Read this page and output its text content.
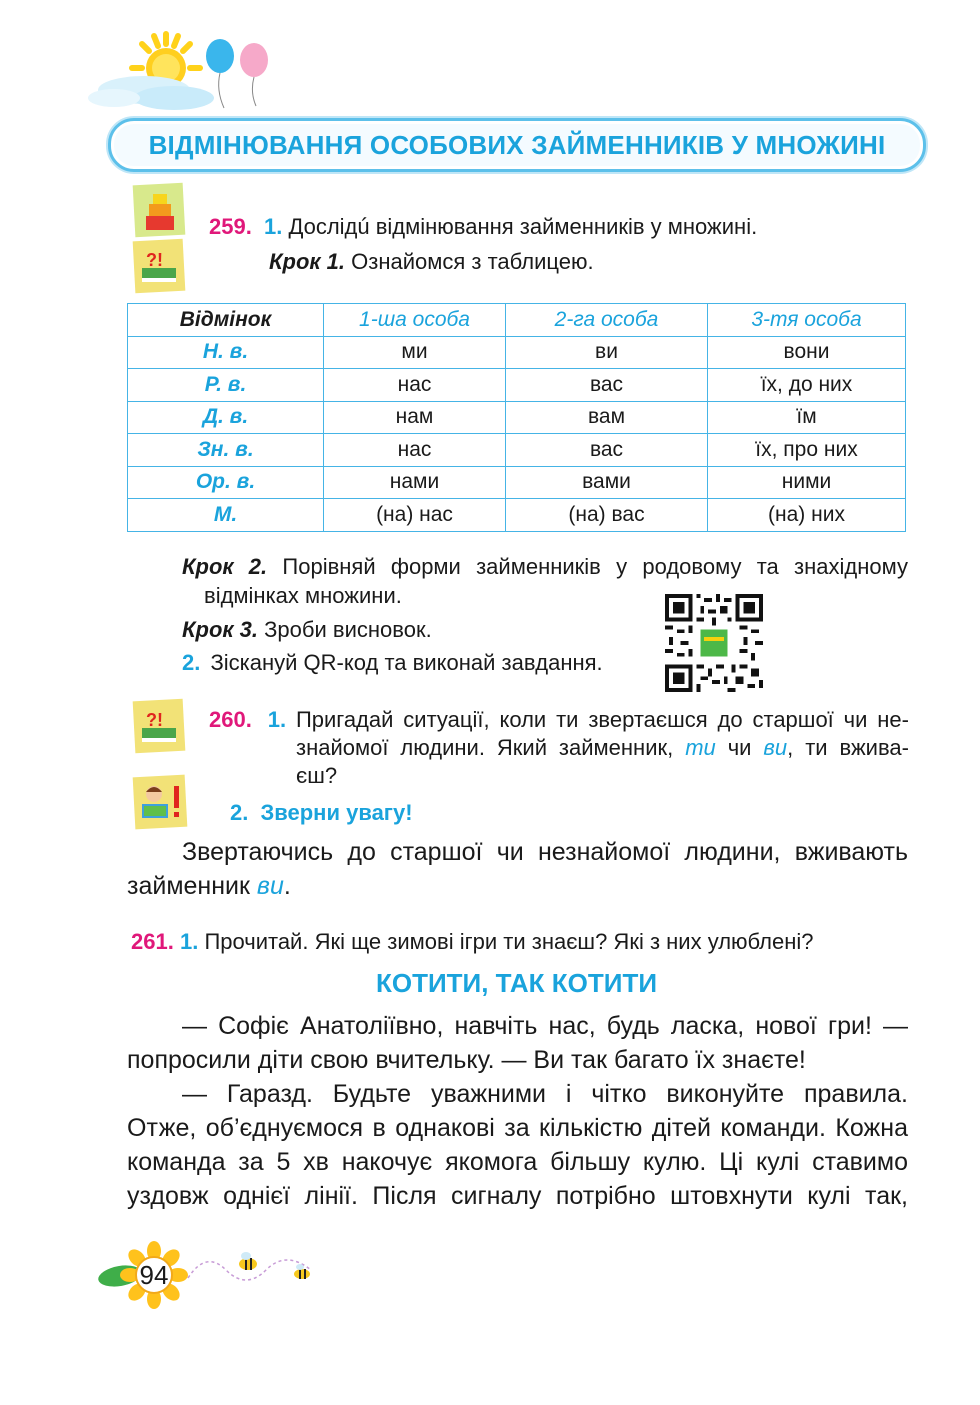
ВІДМІНЮВАННЯ ОСОБОВИХ ЗАЙМЕННИКІВ У МНОЖИНІ
?!
259. 1. Дослідú відмінювання займенників у множині.
Крок 1. Ознайомся з таблицею.
Відмінок	1-ша особа	2-га особа	3-тя особа
Н. в.	ми	ви	вони
Р. в.	нас	вас	їх, до них
Д. в.	нам	вам	їм
Зн. в.	нас	вас	їх, про них
Ор. в.	нами	вами	ними
М.	(на) нас	(на) вас	(на) них
Крок 2. Порівняй форми займенників у родовому та знахідному
відмінках множини.
Крок 3. Зроби висновок.
2. Зіскануй QR-код та виконай завдання.
?! 260. 1. Пригадай ситуації, коли ти звертаєшся до старшої чи не-
знайомої людини. Який займенник, ти чи ви, ти вжива-
єш?
2. Зверни увагу!
Звертаючись до старшої чи незнайомої людини, вживають
займенник ви.
261. 1. Прочитай. Які ще зимові ігри ти знаєш? Які з них улюблені?
КОТИТИ, ТАК КОТИТИ
— Софіє Анатоліївно, навчіть нас, будь ласка, нової гри! —
попросили діти свою вчительку. — Ви так багато їх знаєте!
— Гаразд. Будьте уважними і чітко виконуйте правила.
Отже, об’єднуємося в однакові за кількістю дітей команди. Кожна
команда за 5 хв накочує якомога більшу кулю. Ці кулі ставимо
уздовж однієї лінії. Після сигналу потрібно штовхнути кулі так,
94
